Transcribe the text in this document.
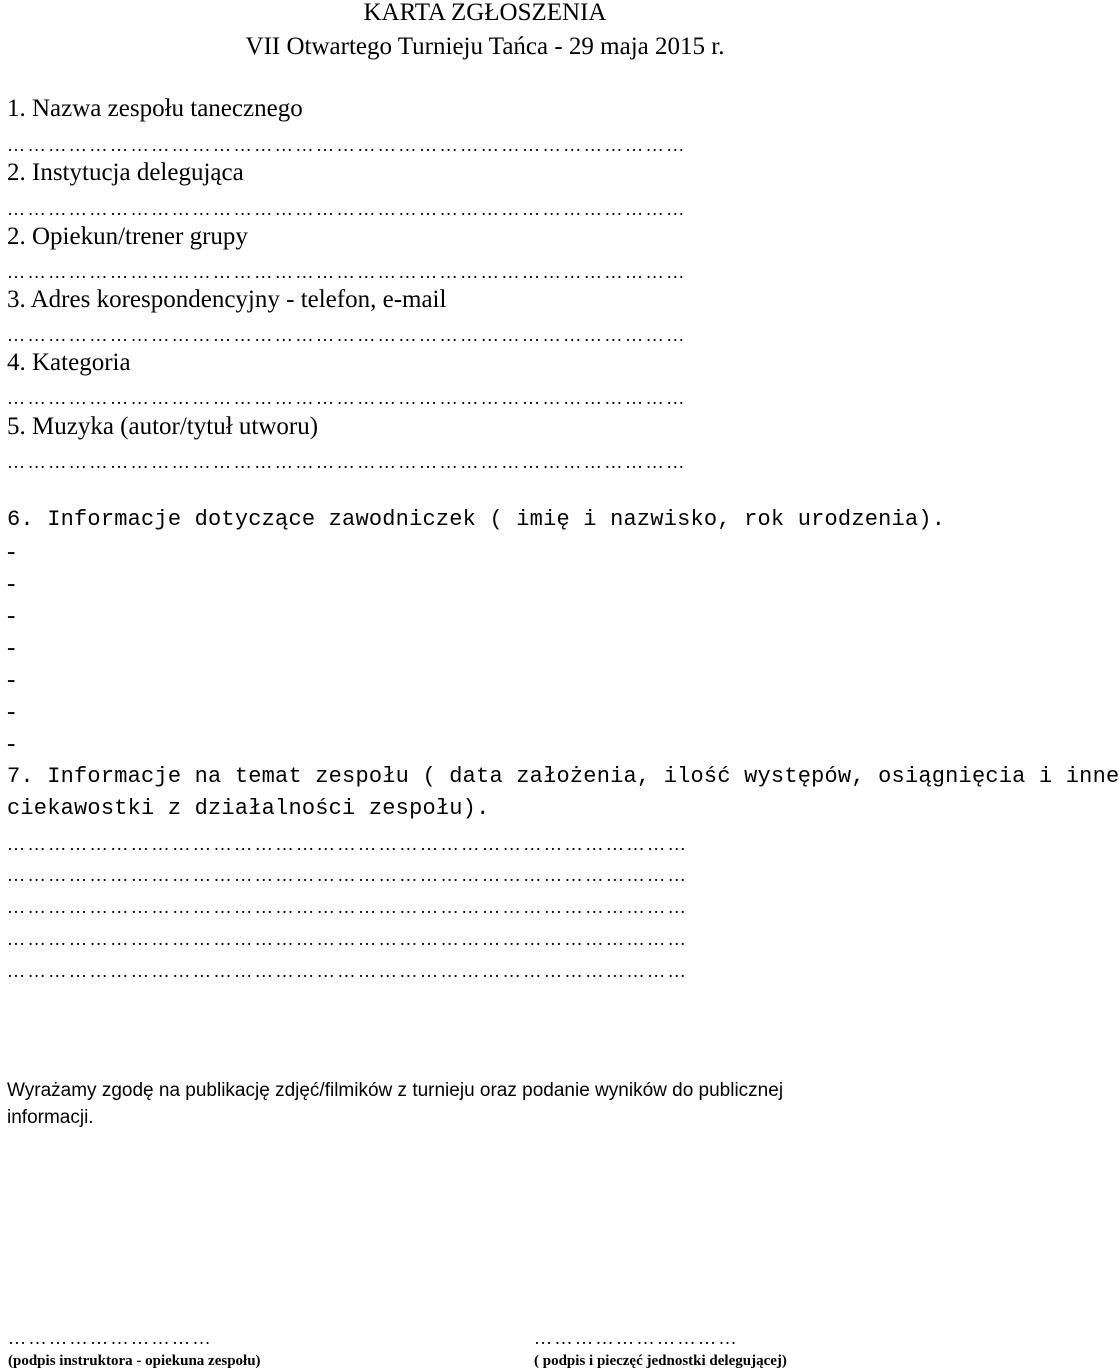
KARTA ZGŁOSZENIA
VII Otwartego Turnieju Tańca - 29 maja 2015 r.
1. Nazwa zespołu tanecznego
………………………………………………………………………………………
2. Instytucja delegująca
………………………………………………………………………………………
2. Opiekun/trener grupy
………………………………………………………………………………………
3. Adres korespondencyjny - telefon, e-mail
………………………………………………………………………………………
4. Kategoria
………………………………………………………………………………………
5. Muzyka (autor/tytuł utworu)
………………………………………………………………………………………
6. Informacje dotyczące zawodniczek ( imię i nazwisko, rok urodzenia).
-
-
-
-
-
-
-
7. Informacje na temat zespołu ( data założenia, ilość występów, osiągnięcia i inne
ciekawostki z działalności zespołu).
………………………………………………………………………………………
………………………………………………………………………………………
………………………………………………………………………………………
………………………………………………………………………………………
………………………………………………………………………………………
Wyrażamy zgodę na publikację zdjęć/filmików z turnieju oraz podanie wyników do publicznej
informacji.
…………………………
(podpis instruktora - opiekuna zespołu)
…………………………
( podpis i pieczęć jednostki delegującej)
